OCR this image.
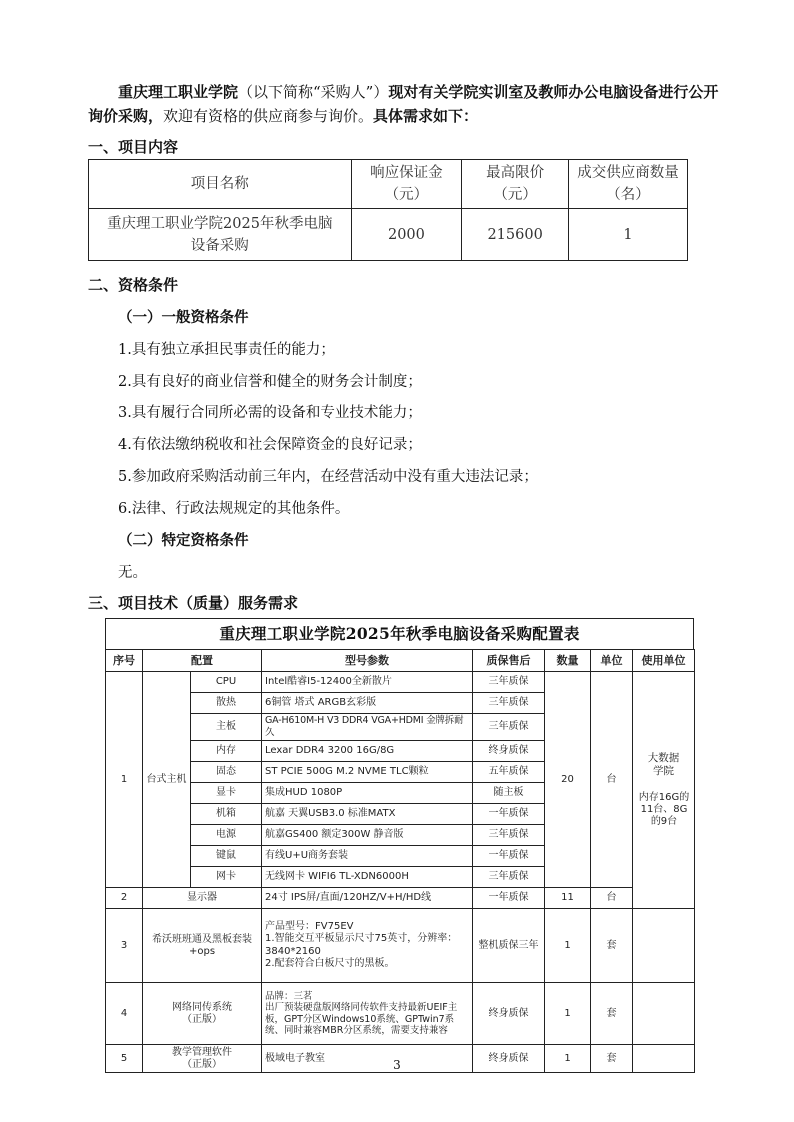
重庆理工职业学院（以下简称“采购人”）现对有关学院实训室及教师办公电脑设备进行公开询价采购，欢迎有资格的供应商参与询价。具体需求如下：
一、项目内容
项目名称	响应保证金（元）	最高限价（元）	成交供应商数量（名）
重庆理工职业学院2025年秋季电脑设备采购	2000	215600	1
二、资格条件
（一）一般资格条件
1.具有独立承担民事责任的能力；
2.具有良好的商业信誉和健全的财务会计制度；
3.具有履行合同所必需的设备和专业技术能力；
4.有依法缴纳税收和社会保障资金的良好记录；
5.参加政府采购活动前三年内，在经营活动中没有重大违法记录；
6.法律、行政法规规定的其他条件。
（二）特定资格条件
无。
三、项目技术（质量）服务需求
重庆理工职业学院2025年秋季电脑设备采购配置表
序号	配置		型号参数	质保售后	数量	单位	使用单位
1	台式主机	CPU	Intel酷睿I5-12400全新散片	三年质保	20	台	大数据学院
内存16G的11台、8G的9台

		散热	6铜管 塔式 ARGB玄彩版	三年质保			
		主板	GA-H610M-H V3 DDR4 VGA+HDMI 金牌拆耐久	三年质保			
		内存	Lexar DDR4 3200 16G/8G	终身质保			
		固态	ST PCIE 500G M.2 NVME TLC颗粒	五年质保			
		显卡	集成HUD 1080P	随主板			
		机箱	航嘉 天翼USB3.0 标准MATX	一年质保			
		电源	航嘉GS400 额定300W 静音版	三年质保			
		键鼠	有线U+U商务套装	一年质保			
		网卡	无线网卡 WIFI6 TL-XDN6000H	三年质保			
2	显示器		24寸 IPS屏/直面/120HZ/V+H/HD线	一年质保	11	台	
3	希沃班班通及黑板套装+ops		产品型号：FV75EV
1.智能交互平板显示尺寸75英寸，分辨率：3840*2160
2.配套符合白板尺寸的黑板。	整机质保三年	1	套	
4	网络同传系统
（正版）		品牌：三茗
出厂预装硬盘版网络同传软件支持最新UEIF主板，GPT分区Windows10系统、GPTwin7系统、同时兼容MBR分区系统，需要支持兼容	终身质保	1	套	
5	教学管理软件
（正版）		极域电子教室	终身质保	1	套	
3
